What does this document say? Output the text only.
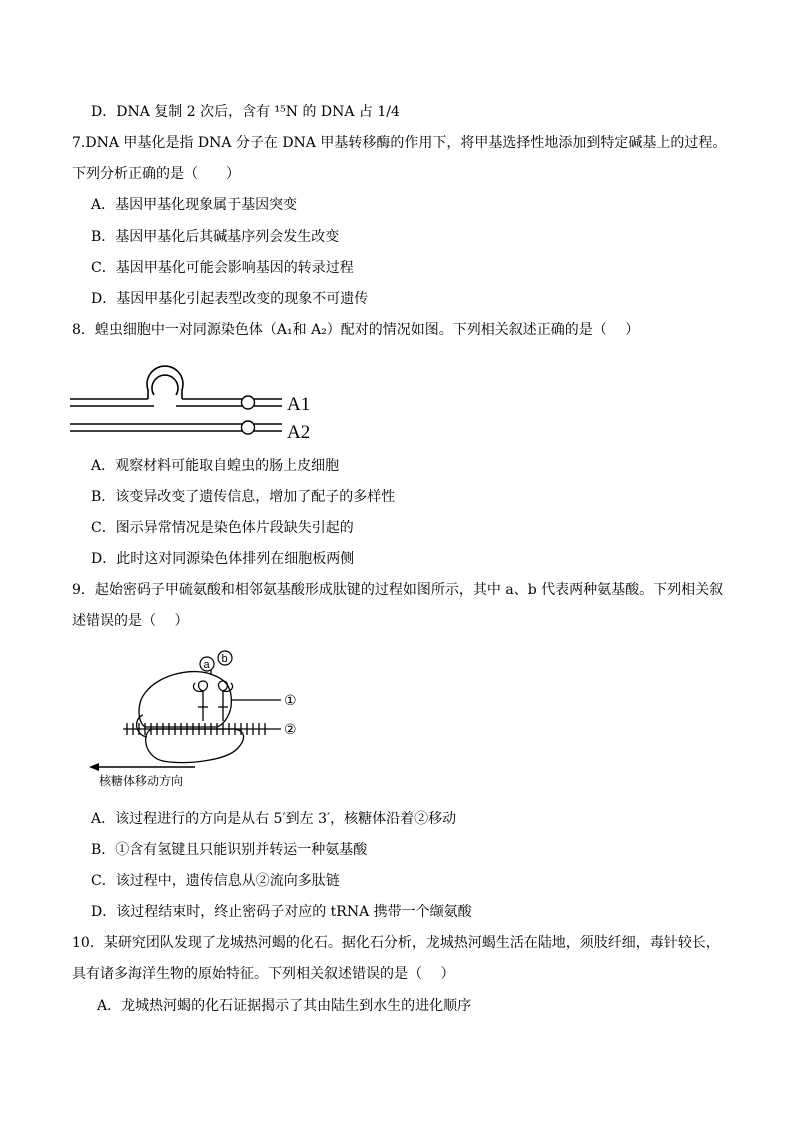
D．DNA 复制 2 次后，含有 ¹⁵N 的 DNA 占 1/4
7.DNA 甲基化是指 DNA 分子在 DNA 甲基转移酶的作用下，将甲基选择性地添加到特定碱基上的过程。
下列分析正确的是（　　）
A．基因甲基化现象属于基因突变
B．基因甲基化后其碱基序列会发生改变
C．基因甲基化可能会影响基因的转录过程
D．基因甲基化引起表型改变的现象不可遗传
8．蝗虫细胞中一对同源染色体（A₁和 A₂）配对的情况如图。下列相关叙述正确的是（　 ）
A1
A2
A．观察材料可能取自蝗虫的肠上皮细胞
B．该变异改变了遗传信息，增加了配子的多样性
C．图示异常情况是染色体片段缺失引起的
D．此时这对同源染色体排列在细胞板两侧
9．起始密码子甲硫氨酸和相邻氨基酸形成肽键的过程如图所示，其中 a、b 代表两种氨基酸。下列相关叙
述错误的是（　 ）
a b
①
②
核糖体移动方向
A．该过程进行的方向是从右 5′到左 3′，核糖体沿着②移动
B．①含有氢键且只能识别并转运一种氨基酸
C．该过程中，遗传信息从②流向多肽链
D．该过程结束时，终止密码子对应的 tRNA 携带一个缬氨酸
10．某研究团队发现了龙城热河蝎的化石。据化石分析，龙城热河蝎生活在陆地，须肢纤细，毒针较长，
具有诸多海洋生物的原始特征。下列相关叙述错误的是（　 ）
A．龙城热河蝎的化石证据揭示了其由陆生到水生的进化顺序
